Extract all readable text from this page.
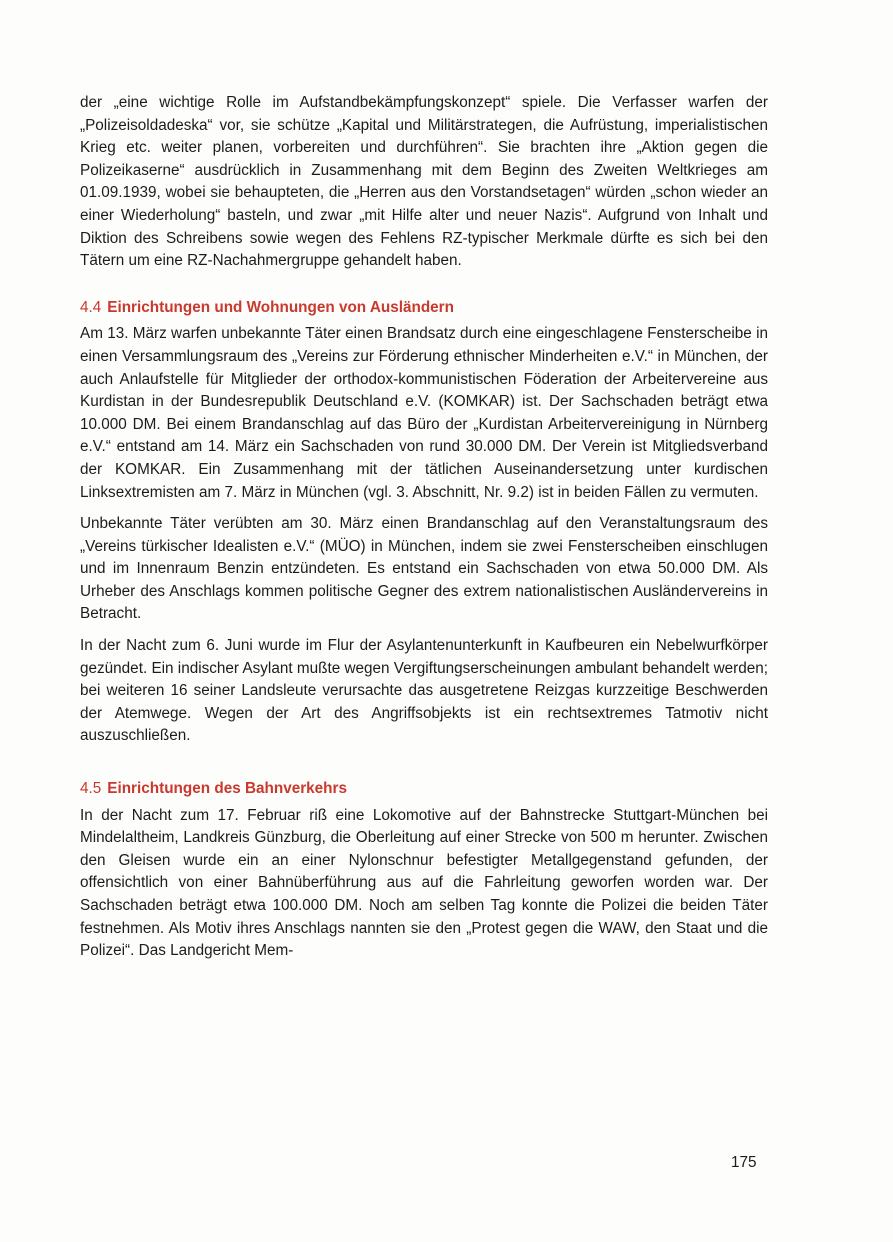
der „eine wichtige Rolle im Aufstandbekämpfungskonzept“ spiele. Die Verfasser warfen der „Polizeisoldadeska“ vor, sie schütze „Kapital und Militärstrategen, die Aufrüstung, imperialistischen Krieg etc. weiter planen, vorbereiten und durchführen“. Sie brachten ihre „Aktion gegen die Polizeikaserne“ ausdrücklich in Zusammenhang mit dem Beginn des Zweiten Weltkrieges am 01.09.1939, wobei sie behaupteten, die „Herren aus den Vorstandsetagen“ würden „schon wieder an einer Wiederholung“ basteln, und zwar „mit Hilfe alter und neuer Nazis“. Aufgrund von Inhalt und Diktion des Schreibens sowie wegen des Fehlens RZ-typischer Merkmale dürfte es sich bei den Tätern um eine RZ-Nachahmergruppe gehandelt haben.

4.4 Einrichtungen und Wohnungen von Ausländern

Am 13. März warfen unbekannte Täter einen Brandsatz durch eine eingeschlagene Fensterscheibe in einen Versammlungsraum des „Vereins zur Förderung ethnischer Minderheiten e.V.“ in München, der auch Anlaufstelle für Mitglieder der orthodox-kommunistischen Föderation der Arbeitervereine aus Kurdistan in der Bundesrepublik Deutschland e.V. (KOMKAR) ist. Der Sachschaden beträgt etwa 10.000 DM. Bei einem Brandanschlag auf das Büro der „Kurdistan Arbeitervereinigung in Nürnberg e.V.“ entstand am 14. März ein Sachschaden von rund 30.000 DM. Der Verein ist Mitgliedsverband der KOMKAR. Ein Zusammenhang mit der tätlichen Auseinandersetzung unter kurdischen Linksextremisten am 7. März in München (vgl. 3. Abschnitt, Nr. 9.2) ist in beiden Fällen zu vermuten.

Unbekannte Täter verübten am 30. März einen Brandanschlag auf den Veranstaltungsraum des „Vereins türkischer Idealisten e.V.“ (MÜO) in München, indem sie zwei Fensterscheiben einschlugen und im Innenraum Benzin entzündeten. Es entstand ein Sachschaden von etwa 50.000 DM. Als Urheber des Anschlags kommen politische Gegner des extrem nationalistischen Ausländervereins in Betracht.

In der Nacht zum 6. Juni wurde im Flur der Asylantenunterkunft in Kaufbeuren ein Nebelwurfkörper gezündet. Ein indischer Asylant mußte wegen Vergiftungserscheinungen ambulant behandelt werden; bei weiteren 16 seiner Landsleute verursachte das ausgetretene Reizgas kurzzeitige Beschwerden der Atemwege. Wegen der Art des Angriffsobjekts ist ein rechtsextremes Tatmotiv nicht auszuschließen.

4.5 Einrichtungen des Bahnverkehrs

In der Nacht zum 17. Februar riß eine Lokomotive auf der Bahnstrecke Stuttgart-München bei Mindelaltheim, Landkreis Günzburg, die Oberleitung auf einer Strecke von 500 m herunter. Zwischen den Gleisen wurde ein an einer Nylonschnur befestigter Metallgegenstand gefunden, der offensichtlich von einer Bahnüberführung aus auf die Fahrleitung geworfen worden war. Der Sachschaden beträgt etwa 100.000 DM. Noch am selben Tag konnte die Polizei die beiden Täter festnehmen. Als Motiv ihres Anschlags nannten sie den „Protest gegen die WAW, den Staat und die Polizei“. Das Landgericht Mem-

175
